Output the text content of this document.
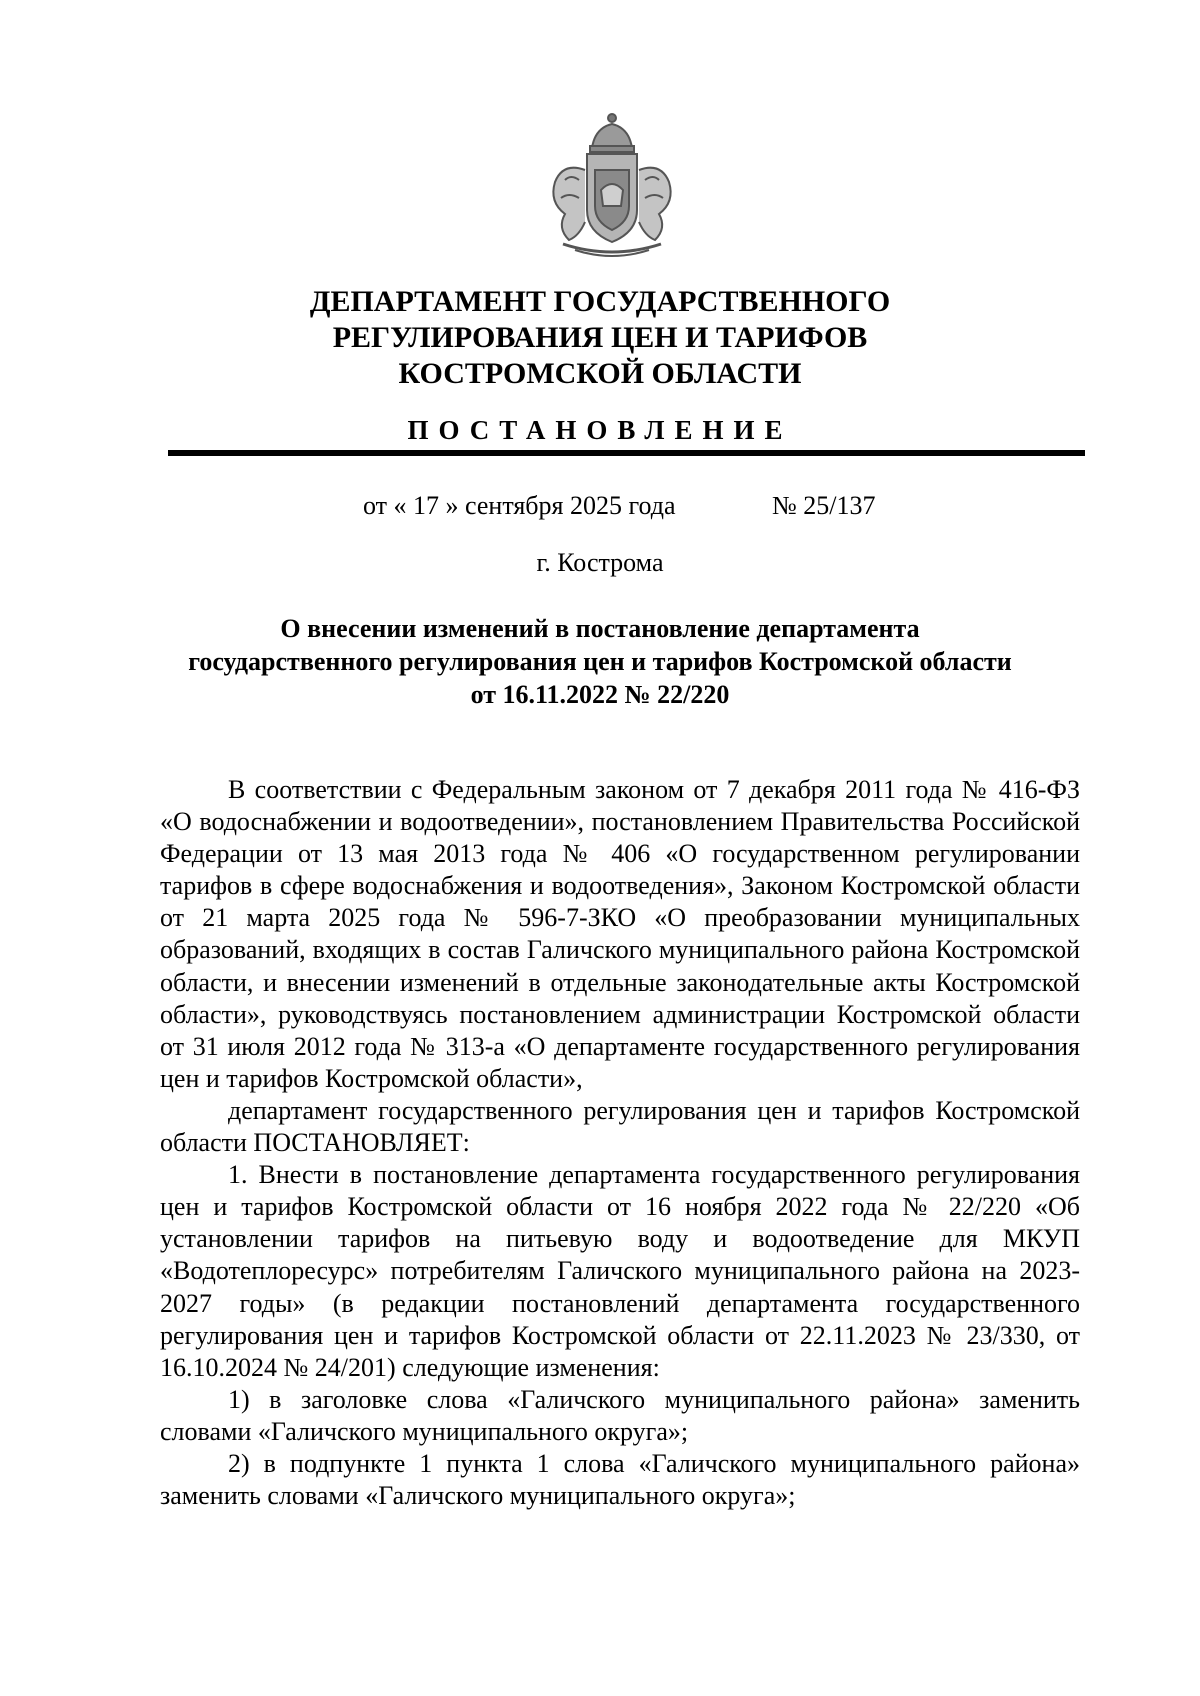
ДЕПАРТАМЕНТ ГОСУДАРСТВЕННОГО
РЕГУЛИРОВАНИЯ ЦЕН И ТАРИФОВ
КОСТРОМСКОЙ ОБЛАСТИ
ПОСТАНОВЛЕНИЕ
от « 17 » сентября 2025 года	№ 25/137
г. Кострома
О внесении изменений в постановление департамента
государственного регулирования цен и тарифов Костромской области
от 16.11.2022 № 22/220

В соответствии с Федеральным законом от 7 декабря 2011 года № 416-ФЗ «О водоснабжении и водоотведении», постановлением Правительства Российской Федерации от 13 мая 2013 года № 406 «О государственном регулировании тарифов в сфере водоснабжения и водоотведения», Законом Костромской области от 21 марта 2025 года № 596-7-ЗКО «О преобразовании муниципальных образований, входящих в состав Галичского муниципального района Костромской области, и внесении изменений в отдельные законодательные акты Костромской области», руководствуясь постановлением администрации Костромской области от 31 июля 2012 года № 313-а «О департаменте государственного регулирования цен и тарифов Костромской области»,

департамент государственного регулирования цен и тарифов Костромской области ПОСТАНОВЛЯЕТ:

1. Внести в постановление департамента государственного регулирования цен и тарифов Костромской области от 16 ноября 2022 года № 22/220 «Об установлении тарифов на питьевую воду и водоотведение для МКУП «Водотеплоресурс» потребителям Галичского муниципального района на 2023-2027 годы» (в редакции постановлений департамента государственного регулирования цен и тарифов Костромской области от 22.11.2023 № 23/330, от 16.10.2024 № 24/201) следующие изменения:

1) в заголовке слова «Галичского муниципального района» заменить словами «Галичского муниципального округа»;

2) в подпункте 1 пункта 1 слова «Галичского муниципального района» заменить словами «Галичского муниципального округа»;
